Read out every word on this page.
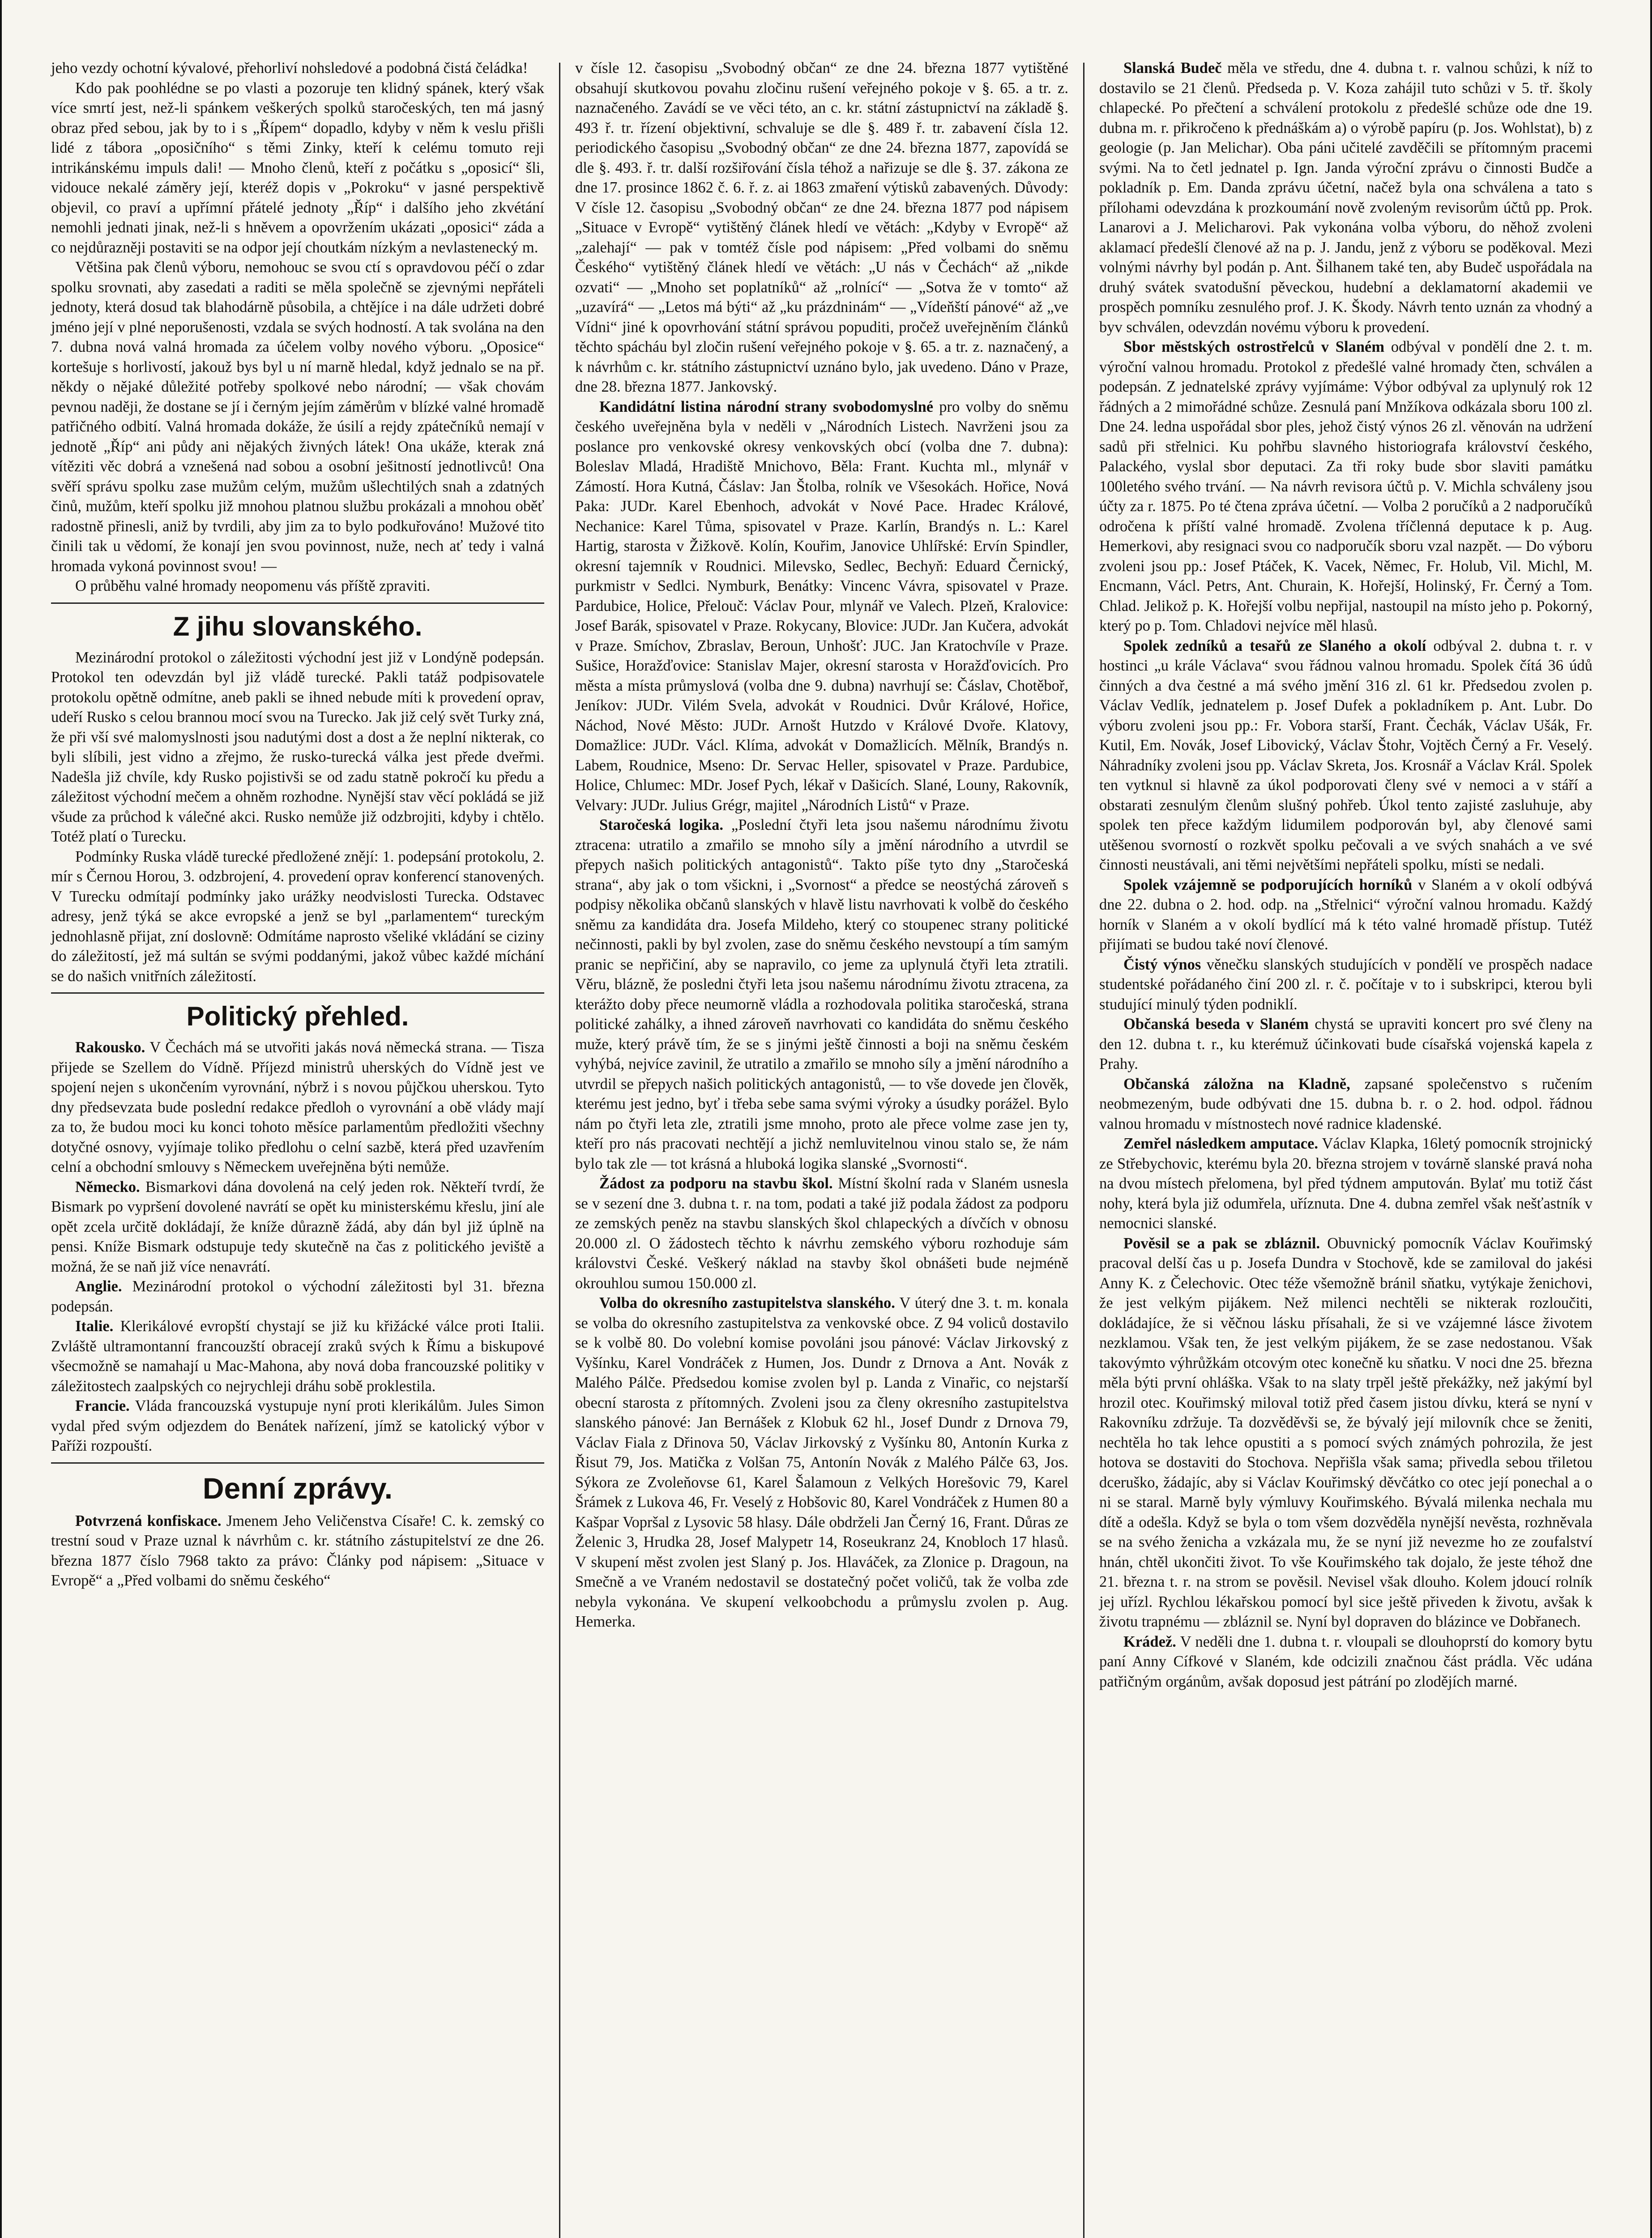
jeho vezdy ochotní kývalové, přehorliví nohsledové a podobná čistá čeládka!

Kdo pak poohlédne se po vlasti a pozoruje ten klidný spánek, který však více smrtí jest, než-li spánkem veškerých spolků staročeských, ten má jasný obraz před sebou, jak by to i s „Řípem“ dopadlo, kdyby v něm k veslu přišli lidé z tábora „oposičního“ s těmi Zinky, kteří k celému tomuto reji intrikánskému impuls dali! — Mnoho členů, kteří z počátku s „oposicí“ šli, vidouce nekalé záměry její, kteréž dopis v „Pokroku“ v jasné perspektivě objevil, co praví a upřímní přátelé jednoty „Říp“ i dalšího jeho zkvétání nemohli jednati jinak, než-li s hněvem a opovržením ukázati „oposici“ záda a co nejdůrazněji postaviti se na odpor její choutkám nízkým a nevlastenecký m.

Většina pak členů výboru, nemohouc se svou ctí s opravdovou péčí o zdar spolku srovnati, aby zasedati a raditi se měla společně se zjevnými nepřáteli jednoty, která dosud tak blahodárně působila, a chtějíce i na dále udržeti dobré jméno její v plné neporušenosti, vzdala se svých hodností. A tak svolána na den 7. dubna nová valná hromada za účelem volby nového výboru. „Oposice“ kortešuje s horlivostí, jakouž bys byl u ní marně hledal, když jednalo se na př. někdy o nějaké důležité potřeby spolkové nebo národní; — však chovám pevnou naději, že dostane se jí i černým jejím záměrům v blízké valné hromadě patřičného odbití. Valná hromada dokáže, že úsilí a rejdy zpátečníků nemají v jednotě „Říp“ ani půdy ani nějakých živných látek! Ona ukáže, kterak zná vítěziti věc dobrá a vznešená nad sobou a osobní ješitností jednotlivců! Ona svěří správu spolku zase mužům celým, mužům ušlechtilých snah a zdatných činů, mužům, kteří spolku již mnohou platnou službu prokázali a mnohou oběť radostně přinesli, aniž by tvrdili, aby jim za to bylo podkuřováno! Mužové tito činili tak u vědomí, že konají jen svou povinnost, nuže, nech ať tedy i valná hromada vykoná povinnost svou! —

O průběhu valné hromady neopomenu vás příště zpraviti.

Z jihu slovanského.

Mezinárodní protokol o záležitosti východní jest již v Londýně podepsán. Protokol ten odevzdán byl již vládě turecké. Pakli tatáž podpisovatele protokolu opětně odmítne, aneb pakli se ihned nebude míti k provedení oprav, udeří Rusko s celou brannou mocí svou na Turecko. Jak již celý svět Turky zná, že při vší své malomyslnosti jsou nadutými dost a dost a že neplní nikterak, co byli slíbili, jest vidno a zřejmo, že rusko-turecká válka jest přede dveřmi. Nadešla již chvíle, kdy Rusko pojistivši se od zadu statně pokročí ku předu a záležitost východní mečem a ohněm rozhodne. Nynější stav věcí pokládá se již všude za průchod k válečné akci. Rusko nemůže již odzbrojiti, kdyby i chtělo. Totéž platí o Turecku.

Podmínky Ruska vládě turecké předložené znějí: 1. podepsání protokolu, 2. mír s Černou Horou, 3. odzbrojení, 4. provedení oprav konferencí stanovených. V Turecku odmítají podmínky jako urážky neodvislosti Turecka. Odstavec adresy, jenž týká se akce evropské a jenž se byl „parlamentem“ tureckým jednohlasně přijat, zní doslovně: Odmítáme naprosto všeliké vkládání se ciziny do záležitostí, jež má sultán se svými poddanými, jakož vůbec každé míchání se do našich vnitřních záležitostí.

Politický přehled.

Rakousko. V Čechách má se utvořiti jakás nová německá strana. — Tisza přijede se Szellem do Vídně. Příjezd ministrů uherských do Vídně jest ve spojení nejen s ukončením vyrovnání, nýbrž i s novou půjčkou uherskou. Tyto dny předsevzata bude poslední redakce předloh o vyrovnání a obě vlády mají za to, že budou moci ku konci tohoto měsíce parlamentům předložiti všechny dotyčné osnovy, vyjímaje toliko předlohu o celní sazbě, která před uzavřením celní a obchodní smlouvy s Německem uveřejněna býti nemůže.

Německo. Bismarkovi dána dovolená na celý jeden rok. Někteří tvrdí, že Bismark po vypršení dovolené navrátí se opět ku ministerskému křeslu, jiní ale opět zcela určitě dokládají, že kníže důrazně žádá, aby dán byl již úplně na pensi. Kníže Bismark odstupuje tedy skutečně na čas z politického jeviště a možná, že se naň již více nenavrátí.

Anglie. Mezinárodní protokol o východní záležitosti byl 31. března podepsán.

Italie. Klerikálové evropští chystají se již ku křižácké válce proti Italii. Zvláště ultramontanní francouzští obracejí zraků svých k Římu a biskupové všecmožně se namahají u Mac-Mahona, aby nová doba francouzské politiky v záležitostech zaalpských co nejrychleji dráhu sobě proklestila.

Francie. Vláda francouzská vystupuje nyní proti klerikálům. Jules Simon vydal před svým odjezdem do Benátek nařízení, jímž se katolický výbor v Paříži rozpouští.

Denní zprávy.

Potvrzená konfiskace. Jmenem Jeho Veličenstva Císaře! C. k. zemský co trestní soud v Praze uznal k návrhům c. kr. státního zástupitelství ze dne 26. března 1877 číslo 7968 takto za právo: Články pod nápisem: „Situace v Evropě“ a „Před volbami do sněmu českého“

v čísle 12. časopisu „Svobodný občan“ ze dne 24. března 1877 vytištěné obsahují skutkovou povahu zločinu rušení veřejného pokoje v §. 65. a tr. z. naznačeného. Zavádí se ve věci této, an c. kr. státní zástupnictví na základě §. 493 ř. tr. řízení objektivní, schvaluje se dle §. 489 ř. tr. zabavení čísla 12. periodického časopisu „Svobodný občan“ ze dne 24. března 1877, zapovídá se dle §. 493. ř. tr. další rozšiřování čísla téhož a nařizuje se dle §. 37. zákona ze dne 17. prosince 1862 č. 6. ř. z. ai 1863 zmaření výtisků zabavených. Důvody: V čísle 12. časopisu „Svobodný občan“ ze dne 24. března 1877 pod nápisem „Situace v Evropě“ vytištěný článek hledí ve větách: „Kdyby v Evropě“ až „zalehají“ — pak v tomtéž čísle pod nápisem: „Před volbami do sněmu Českého“ vytištěný článek hledí ve větách: „U nás v Čechách“ až „nikde ozvati“ — „Mnoho set poplatníků“ až „rolnící“ — „Sotva že v tomto“ až „uzavírá“ — „Letos má býti“ až „ku prázdninám“ — „Vídeňští pánové“ až „ve Vídni“ jiné k opovrhování státní správou popuditi, pročež uveřejněním článků těchto spácháu byl zločin rušení veřejného pokoje v §. 65. a tr. z. naznačený, a k návrhům c. kr. státního zástupnictví uznáno bylo, jak uvedeno. Dáno v Praze, dne 28. března 1877. Jankovský.

Kandidátní listina národní strany svobodomyslné pro volby do sněmu českého uveřejněna byla v neděli v „Národních Listech. Navrženi jsou za poslance pro venkovské okresy venkovských obcí (volba dne 7. dubna): Boleslav Mladá, Hradiště Mnichovo, Běla: Frant. Kuchta ml., mlynář v Zámostí. Hora Kutná, Čáslav: Jan Štolba, rolník ve Všesokách. Hořice, Nová Paka: JUDr. Karel Ebenhoch, advokát v Nové Pace. Hradec Králové, Nechanice: Karel Tůma, spisovatel v Praze. Karlín, Brandýs n. L.: Karel Hartig, starosta v Žižkově. Kolín, Kouřim, Janovice Uhlířské: Ervín Spindler, okresní tajemník v Roudnici. Milevsko, Sedlec, Bechyň: Eduard Černický, purkmistr v Sedlci. Nymburk, Benátky: Vincenc Vávra, spisovatel v Praze. Pardubice, Holice, Přelouč: Václav Pour, mlynář ve Valech. Plzeň, Kralovice: Josef Barák, spisovatel v Praze. Rokycany, Blovice: JUDr. Jan Kučera, advokát v Praze. Smíchov, Zbraslav, Beroun, Unhošť: JUC. Jan Kratochvíle v Praze. Sušice, Horažďovice: Stanislav Majer, okresní starosta v Horažďovicích. Pro města a místa průmyslová (volba dne 9. dubna) navrhují se: Čáslav, Chotěboř, Jeníkov: JUDr. Vilém Svela, advokát v Roudnici. Dvůr Králové, Hořice, Náchod, Nové Město: JUDr. Arnošt Hutzdo v Králové Dvoře. Klatovy, Domažlice: JUDr. Václ. Klíma, advokát v Domažlicích. Mělník, Brandýs n. Labem, Roudnice, Mseno: Dr. Servac Heller, spisovatel v Praze. Pardubice, Holice, Chlumec: MDr. Josef Pych, lékař v Dašicích. Slané, Louny, Rakovník, Velvary: JUDr. Julius Grégr, majitel „Národních Listů“ v Praze.

Staročeská logika. „Poslední čtyři leta jsou našemu národnímu životu ztracena: utratilo a zmařilo se mnoho síly a jmění národního a utvrdil se přepych našich politických antagonistů“. Takto píše tyto dny „Staročeská strana“, aby jak o tom všickni, i „Svornost“ a předce se neostýchá zároveň s podpisy několika občanů slanských v hlavě listu navrhovati k volbě do českého sněmu za kandidáta dra. Josefa Mildeho, který co stoupenec strany politické nečinnosti, pakli by byl zvolen, zase do sněmu českého nevstoupí a tím samým pranic se nepřičiní, aby se napravilo, co jeme za uplynulá čtyři leta ztratili. Věru, blázně, že posledni čtyři leta jsou našemu národnímu životu ztracena, za kterážto doby přece neumorně vládla a rozhodovala politika staročeská, strana politické zahálky, a ihned zároveň navrhovati co kandidáta do sněmu českého muže, který právě tím, že se s jinými ještě činnosti a boji na sněmu českém vyhýbá, nejvíce zavinil, že utratilo a zmařilo se mnoho síly a jmění národního a utvrdil se přepych našich politických antagonistů, — to vše dovede jen člověk, kterému jest jedno, byť i třeba sebe sama svými výroky a úsudky porážel. Bylo nám po čtyři leta zle, ztratili jsme mnoho, proto ale přece volme zase jen ty, kteří pro nás pracovati nechtějí a jichž nemluvitelnou vinou stalo se, že nám bylo tak zle — tot krásná a hluboká logika slanské „Svornosti“.

Žádost za podporu na stavbu škol. Místní školní rada v Slaném usnesla se v sezení dne 3. dubna t. r. na tom, podati a také již podala žádost za podporu ze zemských peněz na stavbu slanských škol chlapeckých a dívčích v obnosu 20.000 zl. O žádostech těchto k návrhu zemského výboru rozhoduje sám královstvi České. Veškerý náklad na stavby škol obnášeti bude nejméně okrouhlou sumou 150.000 zl.

Volba do okresního zastupitelstva slanského. V úterý dne 3. t. m. konala se volba do okresního zastupitelstva za venkovské obce. Z 94 voliců dostavilo se k volbě 80. Do volební komise povoláni jsou pánové: Václav Jirkovský z Vyšínku, Karel Vondráček z Humen, Jos. Dundr z Drnova a Ant. Novák z Malého Pálče. Předsedou komise zvolen byl p. Landa z Vinařic, co nejstarší obecní starosta z přítomných. Zvoleni jsou za členy okresního zastupitelstva slanského pánové: Jan Bernášek z Klobuk 62 hl., Josef Dundr z Drnova 79, Václav Fiala z Dřinova 50, Václav Jirkovský z Vyšínku 80, Antonín Kurka z Řisut 79, Jos. Matička z Volšan 75, Antonín Novák z Malého Pálče 63, Jos. Sýkora ze Zvoleňovse 61, Karel Šalamoun z Velkých Horešovic 79, Karel Šrámek z Lukova 46, Fr. Veselý z Hobšovic 80, Karel Vondráček z Humen 80 a Kašpar Vopršal z Lysovic 58 hlasy. Dále obdrželi Jan Černý 16, Frant. Důras ze Želenic 3, Hrudka 28, Josef Malypetr 14, Roseukranz 24, Knobloch 17 hlasů. V skupení měst zvolen jest Slaný p. Jos. Hlaváček, za Zlonice p. Dragoun, na Smečně a ve Vraném nedostavil se dostatečný počet voličů, tak že volba zde nebyla vykonána. Ve skupení velkoobchodu a průmyslu zvolen p. Aug. Hemerka.

Slanská Budeč měla ve středu, dne 4. dubna t. r. valnou schůzi, k níž to dostavilo se 21 členů. Předseda p. V. Koza zahájil tuto schůzi v 5. tř. školy chlapecké. Po přečtení a schválení protokolu z předešlé schůze ode dne 19. dubna m. r. přikročeno k přednáškám a) o výrobě papíru (p. Jos. Wohlstat), b) z geologie (p. Jan Melichar). Oba páni učitelé zavděčili se přítomným pracemi svými. Na to četl jednatel p. Ign. Janda výroční zprávu o činnosti Budče a pokladník p. Em. Danda zprávu účetní, načež byla ona schválena a tato s přílohami odevzdána k prozkoumání nově zvoleným revisorům účtů pp. Prok. Lanarovi a J. Melicharovi. Pak vykonána volba výboru, do něhož zvoleni aklamací předešlí členové až na p. J. Jandu, jenž z výboru se poděkoval. Mezi volnými návrhy byl podán p. Ant. Šilhanem také ten, aby Budeč uspořádala na druhý svátek svatodušní pěveckou, hudební a deklamatorní akademii ve prospěch pomníku zesnulého prof. J. K. Škody. Návrh tento uznán za vhodný a byv schválen, odevzdán novému výboru k provedení.

Sbor městských ostrostřelců v Slaném odbýval v pondělí dne 2. t. m. výroční valnou hromadu. Protokol z předešlé valné hromady čten, schválen a podepsán. Z jednatelské zprávy vyjímáme: Výbor odbýval za uplynulý rok 12 řádných a 2 mimořádné schůze. Zesnulá paní Mnžíkova odkázala sboru 100 zl. Dne 24. ledna uspořádal sbor ples, jehož čistý výnos 26 zl. věnován na udržení sadů při střelnici. Ku pohřbu slavného historiografa království českého, Palackého, vyslal sbor deputaci. Za tři roky bude sbor slaviti památku 100letého svého trvání. — Na návrh revisora účtů p. V. Michla schváleny jsou účty za r. 1875. Po té čtena zpráva účetní. — Volba 2 poručíků a 2 nadporučíků odročena k příští valné hromadě. Zvolena tříčlenná deputace k p. Aug. Hemerkovi, aby resignaci svou co nadporučík sboru vzal nazpět. — Do výboru zvoleni jsou pp.: Josef Ptáček, K. Vacek, Němec, Fr. Holub, Vil. Michl, M. Encmann, Václ. Petrs, Ant. Churain, K. Hořejší, Holinský, Fr. Černý a Tom. Chlad. Jelikož p. K. Hořejší volbu nepřijal, nastoupil na místo jeho p. Pokorný, který po p. Tom. Chladovi nejvíce měl hlasů.

Spolek zedníků a tesařů ze Slaného a okolí odbýval 2. dubna t. r. v hostinci „u krále Václava“ svou řádnou valnou hromadu. Spolek čítá 36 údů činných a dva čestné a má svého jmění 316 zl. 61 kr. Předsedou zvolen p. Václav Vedlík, jednatelem p. Josef Dufek a pokladníkem p. Ant. Lubr. Do výboru zvoleni jsou pp.: Fr. Vobora starší, Frant. Čechák, Václav Ušák, Fr. Kutil, Em. Novák, Josef Libovický, Václav Štohr, Vojtěch Černý a Fr. Veselý. Náhradníky zvoleni jsou pp. Václav Skreta, Jos. Krosnář a Václav Král. Spolek ten vytknul si hlavně za úkol podporovati členy své v nemoci a v stáří a obstarati zesnulým členům slušný pohřeb. Úkol tento zajisté zasluhuje, aby spolek ten přece každým lidumilem podporován byl, aby členové sami utěšenou svorností o rozkvět spolku pečovali a ve svých snahách a ve své činnosti neustávali, ani těmi největšími nepřáteli spolku, místi se nedali.

Spolek vzájemně se podporujících horníků v Slaném a v okolí odbývá dne 22. dubna o 2. hod. odp. na „Střelnici“ výroční valnou hromadu. Každý horník v Slaném a v okolí bydlící má k této valné hromadě přístup. Tutéž přijímati se budou také noví členové.

Čistý výnos věnečku slanských studujících v pondělí ve prospěch nadace studentské pořádaného činí 200 zl. r. č. počítaje v to i subskripci, kterou byli studující minulý týden podniklí.

Občanská beseda v Slaném chystá se upraviti koncert pro své členy na den 12. dubna t. r., ku kterémuž účinkovati bude císařská vojenská kapela z Prahy.

Občanská záložna na Kladně, zapsané společenstvo s ručením neobmezeným, bude odbývati dne 15. dubna b. r. o 2. hod. odpol. řádnou valnou hromadu v místnostech nové radnice kladenské.

Zemřel následkem amputace. Václav Klapka, 16letý pomocník strojnický ze Střebychovic, kterému byla 20. března strojem v továrně slanské pravá noha na dvou místech přelomena, byl před týdnem amputován. Bylať mu totiž část nohy, která byla již odumřela, uříznuta. Dne 4. dubna zemřel však nešťastník v nemocnici slanské.

Pověsil se a pak se zbláznil. Obuvnický pomocník Václav Kouřimský pracoval delší čas u p. Josefa Dundra v Stochově, kde se zamiloval do jakési Anny K. z Čelechovic. Otec téže všemožně bránil sňatku, vytýkaje ženichovi, že jest velkým pijákem. Než milenci nechtěli se nikterak rozloučiti, dokládajíce, že si věčnou lásku přísahali, že si ve vzájemné lásce životem nezklamou. Však ten, že jest velkým pijákem, že se zase nedostanou. Však takovýmto výhrůžkám otcovým otec konečně ku sňatku. V noci dne 25. března měla býti první ohláška. Však to na slaty trpěl ještě překážky, než jakýmí byl hrozil otec. Kouřimský miloval totiž před časem jistou dívku, která se nyní v Rakovníku zdržuje. Ta dozvěděvši se, že bývalý její milovník chce se ženiti, nechtěla ho tak lehce opustiti a s pomocí svých známých pohrozila, že jest hotova se dostaviti do Stochova. Nepřišla však sama; přivedla sebou třiletou dceruško, žádajíc, aby si Václav Kouřimský děvčátko co otec její ponechal a o ni se staral. Marně byly výmluvy Kouřimského. Bývalá milenka nechala mu dítě a odešla. Když se byla o tom všem dozvěděla nynější nevěsta, rozhněvala se na svého ženicha a vzkázala mu, že se nyní již nevezme ho ze zoufalství hnán, chtěl ukončiti život. To vše Kouřimského tak dojalo, že jeste téhož dne 21. března t. r. na strom se pověsil. Nevisel však dlouho. Kolem jdoucí rolník jej uřízl. Rychlou lékařskou pomocí byl sice ještě přiveden k životu, avšak k životu trapnému — zbláznil se. Nyní byl dopraven do blázince ve Dobřanech.

Krádež. V neděli dne 1. dubna t. r. vloupali se dlouhoprstí do komory bytu paní Anny Cífkové v Slaném, kde odcizili značnou část prádla. Věc udána patřičným orgánům, avšak doposud jest pátrání po zlodějích marné.
